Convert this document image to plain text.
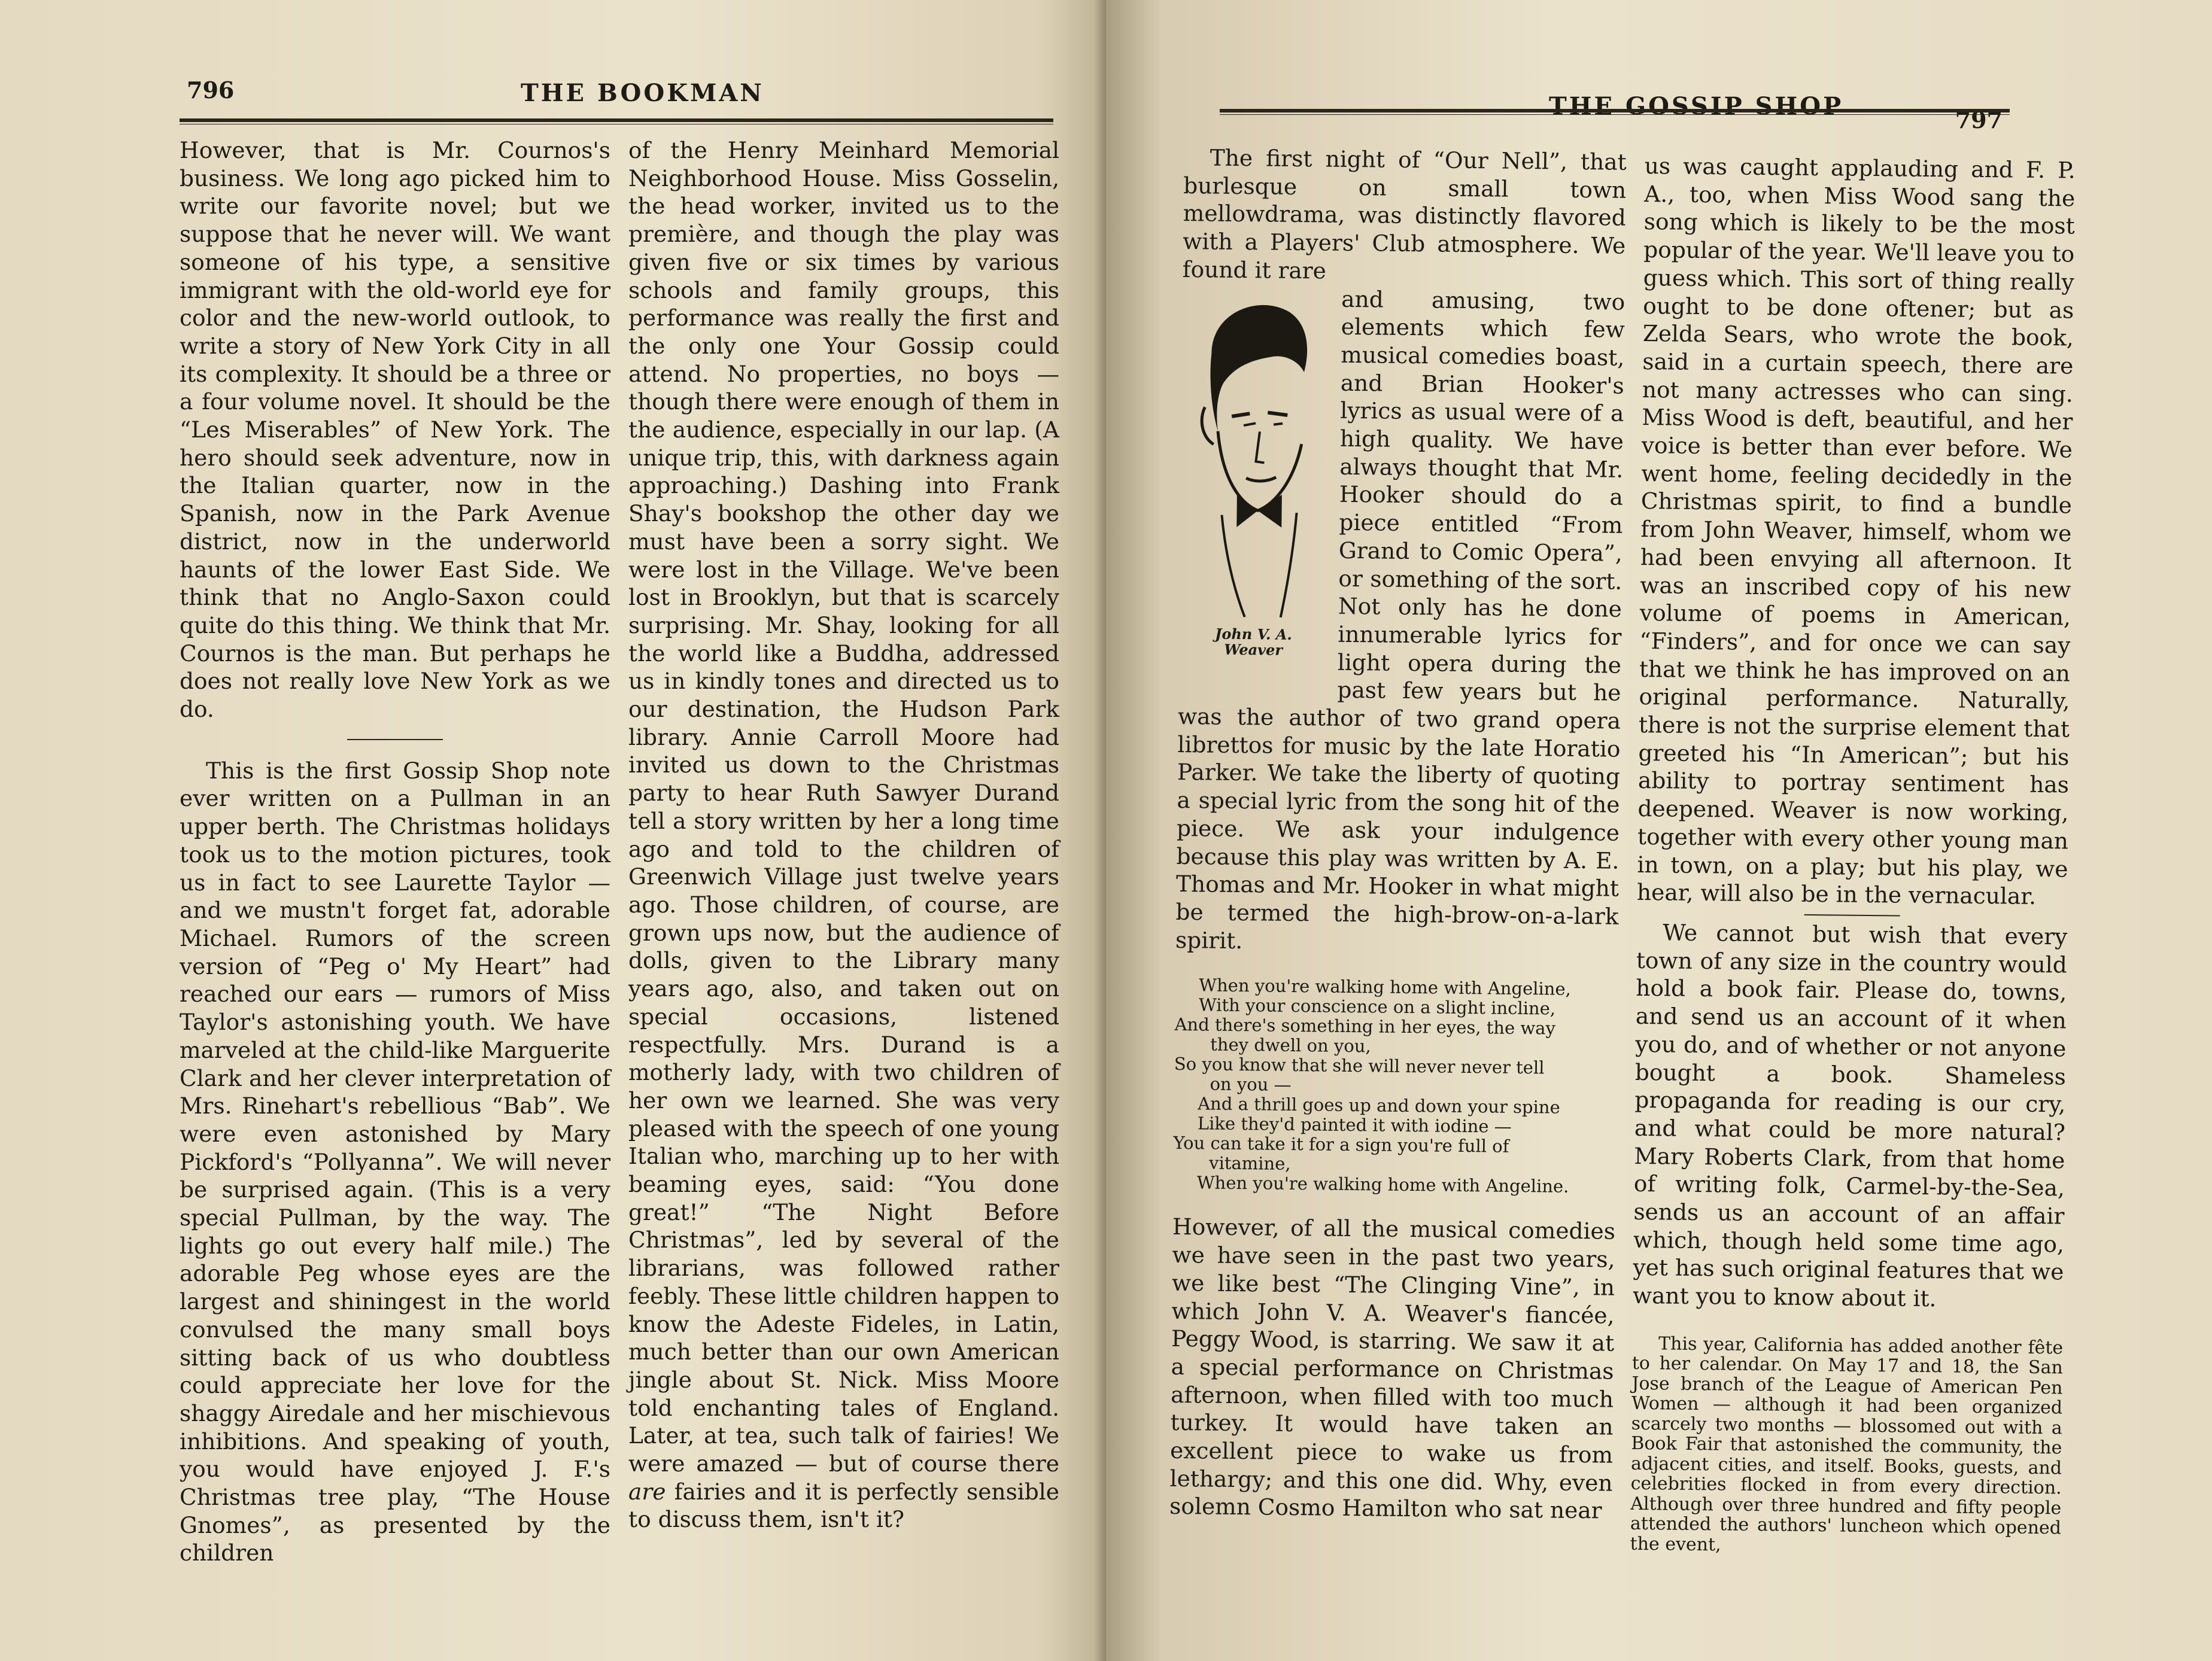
796	THE BOOKMAN

However, that is Mr. Cournos's business. We long ago picked him to write our favorite novel; but we suppose that he never will. We want someone of his type, a sensitive immigrant with the old-world eye for color and the new-world outlook, to write a story of New York City in all its complexity. It should be a three or a four volume novel. It should be the “Les Miserables” of New York. The hero should seek adventure, now in the Italian quarter, now in the Spanish, now in the Park Avenue district, now in the underworld haunts of the lower East Side. We think that no Anglo-Saxon could quite do this thing. We think that Mr. Cournos is the man. But perhaps he does not really love New York as we do.

This is the first Gossip Shop note ever written on a Pullman in an upper berth. The Christmas holidays took us to the motion pictures, took us in fact to see Laurette Taylor — and we mustn't forget fat, adorable Michael. Rumors of the screen version of “Peg o' My Heart” had reached our ears — rumors of Miss Taylor's astonishing youth. We have marveled at the child-like Marguerite Clark and her clever interpretation of Mrs. Rinehart's rebellious “Bab”. We were even astonished by Mary Pickford's “Pollyanna”. We will never be surprised again. (This is a very special Pullman, by the way. The lights go out every half mile.) The adorable Peg whose eyes are the largest and shiningest in the world convulsed the many small boys sitting back of us who doubtless could appreciate her love for the shaggy Airedale and her mischievous inhibitions. And speaking of youth, you would have enjoyed J. F.'s Christmas tree play, “The House Gnomes”, as presented by the children

of the Henry Meinhard Memorial Neighborhood House. Miss Gosselin, the head worker, invited us to the première, and though the play was given five or six times by various schools and family groups, this performance was really the first and the only one Your Gossip could attend. No properties, no boys — though there were enough of them in the audience, especially in our lap. (A unique trip, this, with darkness again approaching.) Dashing into Frank Shay's bookshop the other day we must have been a sorry sight. We were lost in the Village. We've been lost in Brooklyn, but that is scarcely surprising. Mr. Shay, looking for all the world like a Buddha, addressed us in kindly tones and directed us to our destination, the Hudson Park library. Annie Carroll Moore had invited us down to the Christmas party to hear Ruth Sawyer Durand tell a story written by her a long time ago and told to the children of Greenwich Village just twelve years ago. Those children, of course, are grown ups now, but the audience of dolls, given to the Library many years ago, also, and taken out on special occasions, listened respectfully. Mrs. Durand is a motherly lady, with two children of her own we learned. She was very pleased with the speech of one young Italian who, marching up to her with beaming eyes, said: “You done great!” “The Night Before Christmas”, led by several of the librarians, was followed rather feebly. These little children happen to know the Adeste Fideles, in Latin, much better than our own American jingle about St. Nick. Miss Moore told enchanting tales of England. Later, at tea, such talk of fairies! We were amazed — but of course there are fairies and it is perfectly sensible to discuss them, isn't it?

THE GOSSIP SHOP	797

The first night of “Our Nell”, that burlesque on small town mellowdrama, was distinctly flavored with a Players' Club atmosphere. We found it rare

John V. A.
Weaver

and amusing, two elements which few musical comedies boast, and Brian Hooker's lyrics as usual were of a high quality. We have always thought that Mr. Hooker should do a piece entitled “From Grand to Comic Opera”, or something of the sort. Not only has he done innumerable lyrics for light opera during the past few years but he was the author of two grand opera librettos for music by the late Horatio Parker. We take the liberty of quoting a special lyric from the song hit of the piece. We ask your indulgence because this play was written by A. E. Thomas and Mr. Hooker in what might be termed the high-brow-on-a-lark spirit.

When you're walking home with Angeline,
With your conscience on a slight incline,
And there's something in her eyes, the way
they dwell on you,
So you know that she will never never tell
on you —
And a thrill goes up and down your spine
Like they'd painted it with iodine —
You can take it for a sign you're full of
vitamine,
When you're walking home with Angeline.

However, of all the musical comedies we have seen in the past two years, we like best “The Clinging Vine”, in which John V. A. Weaver's fiancée, Peggy Wood, is starring. We saw it at a special performance on Christmas afternoon, when filled with too much turkey. It would have taken an excellent piece to wake us from lethargy; and this one did. Why, even solemn Cosmo Hamilton who sat near

us was caught applauding and F. P. A., too, when Miss Wood sang the song which is likely to be the most popular of the year. We'll leave you to guess which. This sort of thing really ought to be done oftener; but as Zelda Sears, who wrote the book, said in a curtain speech, there are not many actresses who can sing. Miss Wood is deft, beautiful, and her voice is better than ever before. We went home, feeling decidedly in the Christmas spirit, to find a bundle from John Weaver, himself, whom we had been envying all afternoon. It was an inscribed copy of his new volume of poems in American, “Finders”, and for once we can say that we think he has improved on an original performance. Naturally, there is not the surprise element that greeted his “In American”; but his ability to portray sentiment has deepened. Weaver is now working, together with every other young man in town, on a play; but his play, we hear, will also be in the vernacular.

We cannot but wish that every town of any size in the country would hold a book fair. Please do, towns, and send us an account of it when you do, and of whether or not anyone bought a book. Shameless propaganda for reading is our cry, and what could be more natural? Mary Roberts Clark, from that home of writing folk, Carmel-by-the-Sea, sends us an account of an affair which, though held some time ago, yet has such original features that we want you to know about it.

This year, California has added another fête to her calendar. On May 17 and 18, the San Jose branch of the League of American Pen Women — although it had been organized scarcely two months — blossomed out with a Book Fair that astonished the community, the adjacent cities, and itself. Books, guests, and celebrities flocked in from every direction. Although over three hundred and fifty people attended the authors' luncheon which opened the event,
